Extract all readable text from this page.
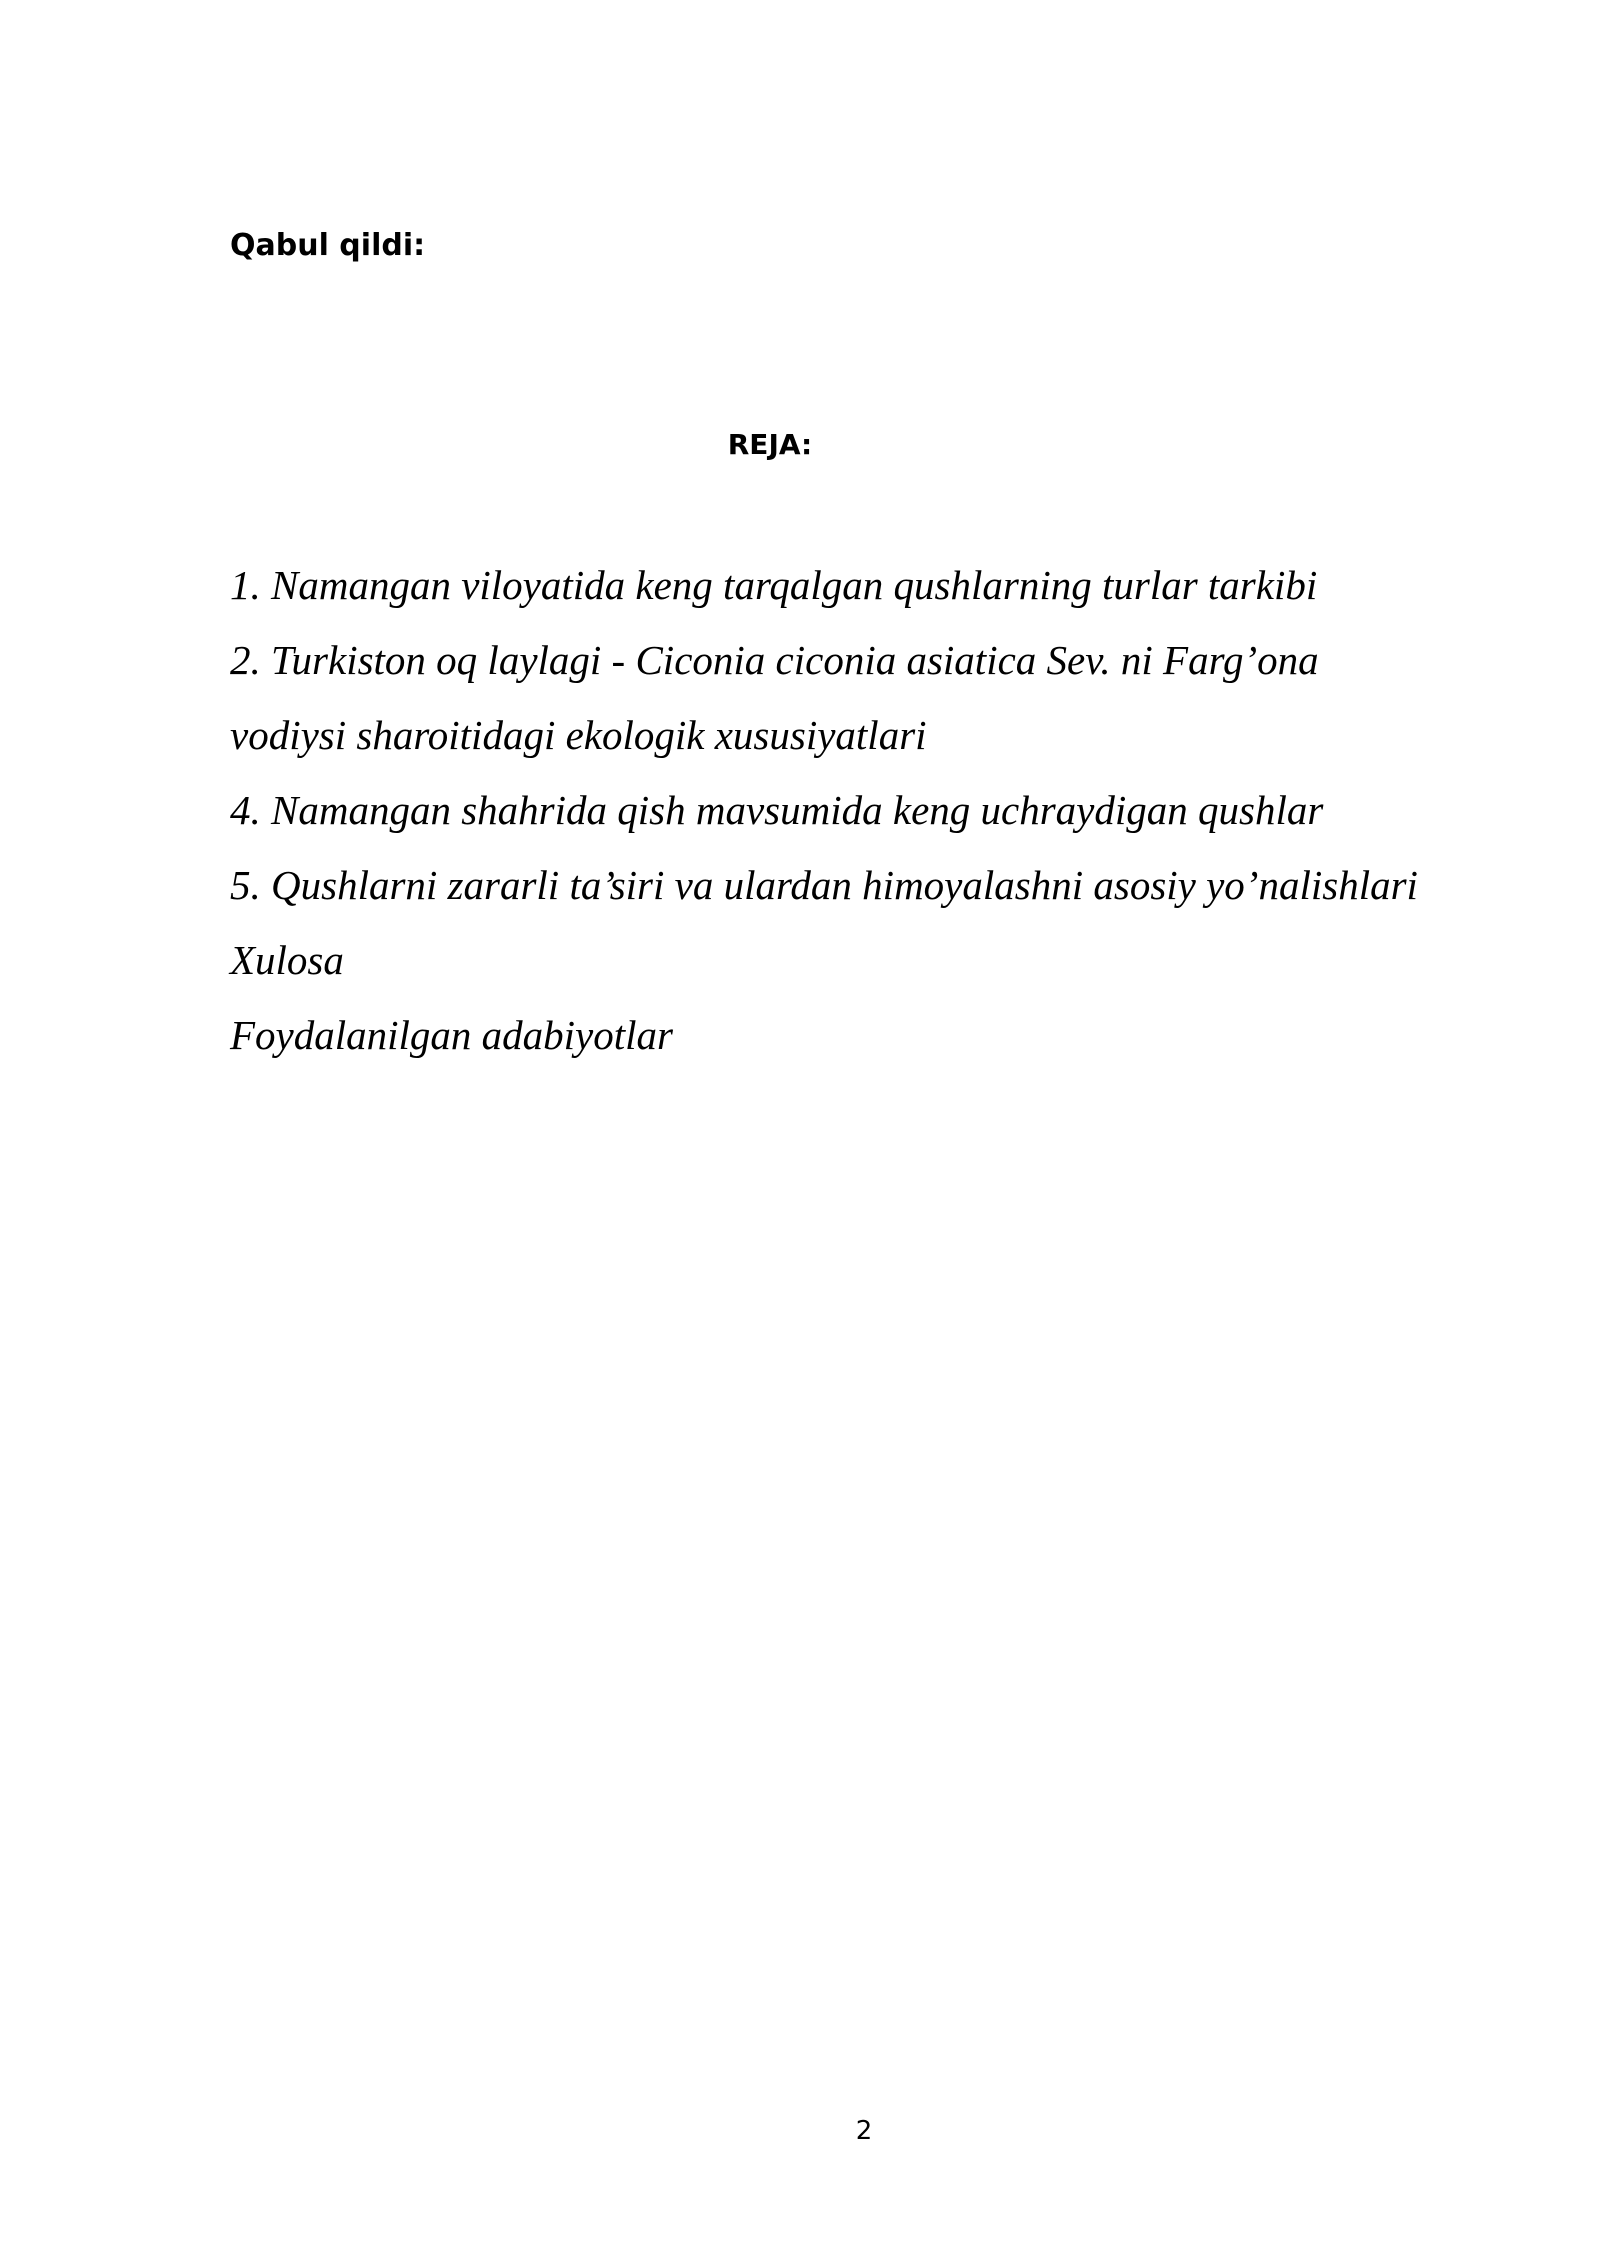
Qabul qildi:
REJA:
1. Namangan viloyatida keng tarqalgan qushlarning turlar tarkibi
2. Turkiston oq laylagi - Ciconia ciconia asiatica Sev. ni Farg’ona vodiysi sharoitidagi ekologik xususiyatlari
4. Namangan shahrida qish mavsumida keng uchraydigan qushlar
5. Qushlarni zararli ta’siri va ulardan himoyalashni asosiy yo’nalishlari
Xulosa
Foydalanilgan adabiyotlar
2
